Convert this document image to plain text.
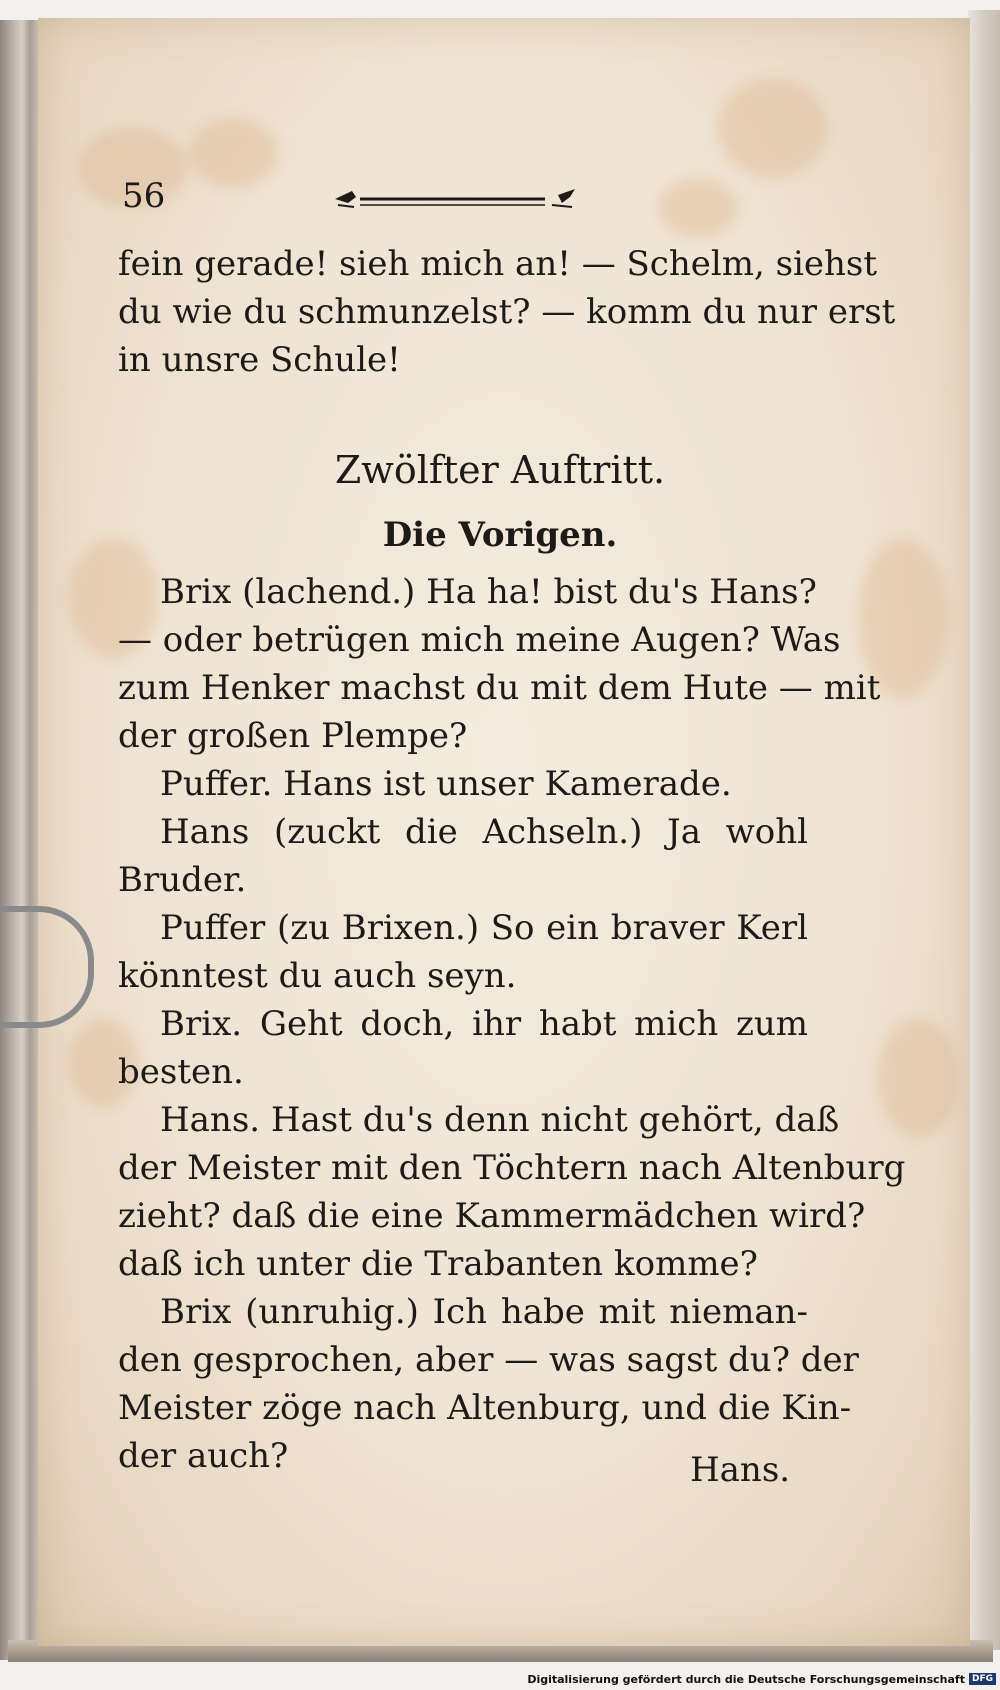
56
fein gerade! sieh mich an! — Schelm, siehst
du wie du schmunzelst? — komm du nur erst
in unsre Schule!
Zwölfter Auftritt.
Die Vorigen.
Brix (lachend.) Ha ha! bist du's Hans?
— oder betrügen mich meine Augen? Was
zum Henker machst du mit dem Hute — mit
der großen Plempe?
Puffer. Hans ist unser Kamerade.
Hans (zuckt die Achseln.) Ja wohl
Bruder.
Puffer (zu Brixen.) So ein braver Kerl
könntest du auch seyn.
Brix. Geht doch, ihr habt mich zum
besten.
Hans. Hast du's denn nicht gehört, daß
der Meister mit den Töchtern nach Altenburg
zieht? daß die eine Kammermädchen wird?
daß ich unter die Trabanten komme?
Brix (unruhig.) Ich habe mit nieman-
den gesprochen, aber — was sagst du? der
Meister zöge nach Altenburg, und die Kin-
der auch?	Hans.
Digitalisierung gefördert durch die Deutsche Forschungsgemeinschaft DFG
